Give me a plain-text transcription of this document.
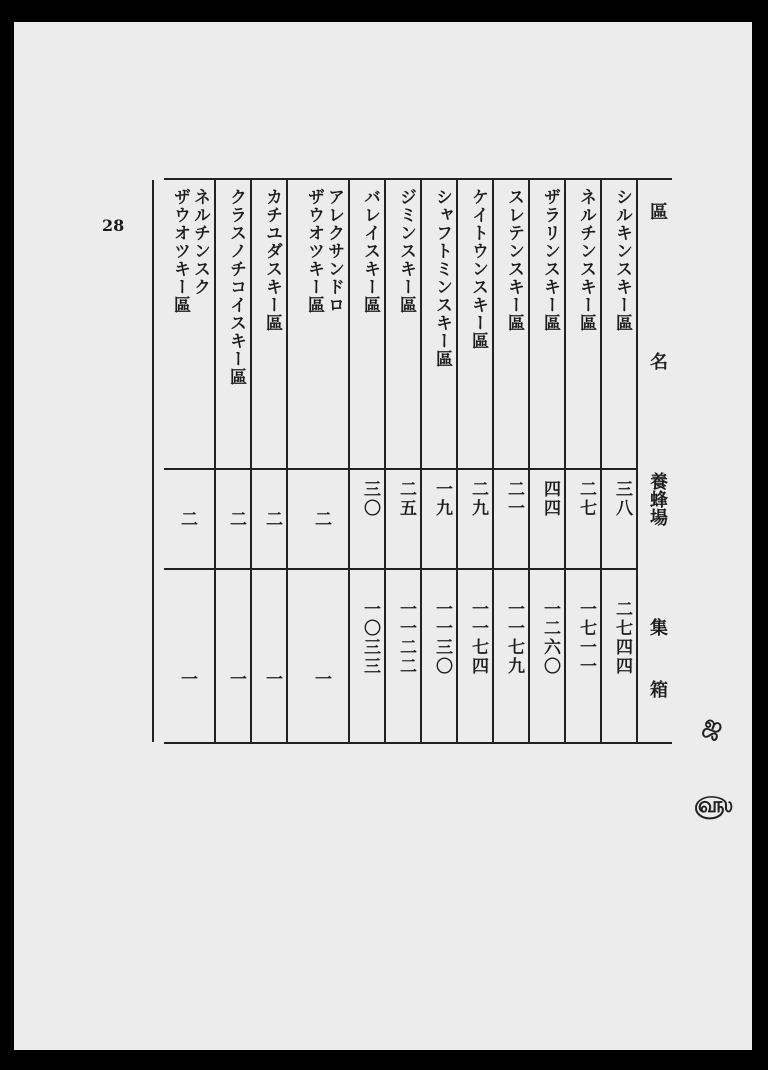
28
區
名
養蜂場
集
箱
シルキンスキー區
三八
二七四四
ネルチンスキー區
二七
一七一一
ザラリンスキー區
四四
一二六〇
スレテンスキー區
二一
一一七九
ケイトウンスキー區
二九
一一七四
シャフトミンスキー區
一九
一一三〇
ジミンスキー區
二五
一一二二
バレイスキー區
三〇
一〇三三
アレクサンドロ
ザウオツキー區
二
一
カチユダスキー區
二
一
クラスノチコイスキー區
二
一
ネルチンスク
ザウオツキー區
二
一
ஜ
௵
